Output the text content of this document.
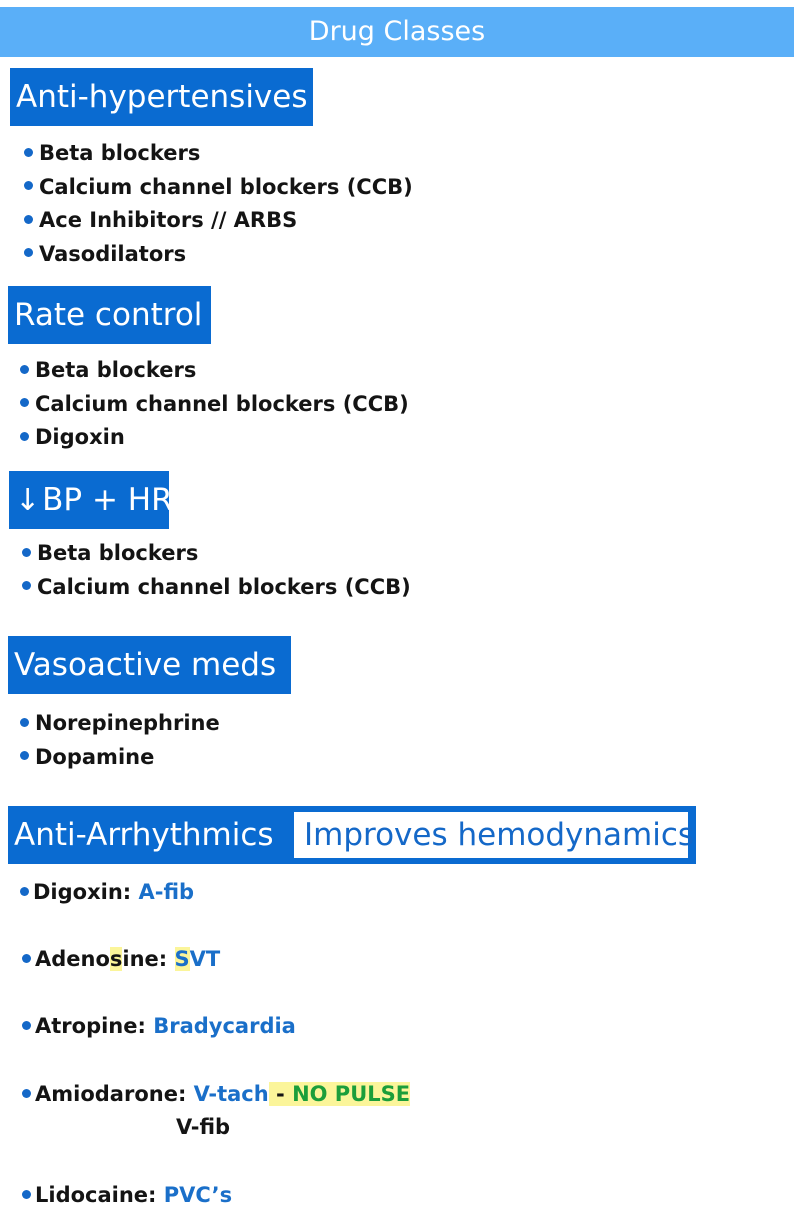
Drug Classes
Anti-hypertensives
Beta blockers
Calcium channel blockers (CCB)
Ace Inhibitors // ARBS
Vasodilators
Rate control
Beta blockers
Calcium channel blockers (CCB)
Digoxin
↓BP + HR
Beta blockers
Calcium channel blockers (CCB)
Vasoactive meds
Norepinephrine
Dopamine
Anti-Arrhythmics Improves hemodynamics
Digoxin: A-fib
Adenosine: SVT
Atropine: Bradycardia
Amiodarone: V-tach - NO PULSE
V-fib
Lidocaine: PVC’s
